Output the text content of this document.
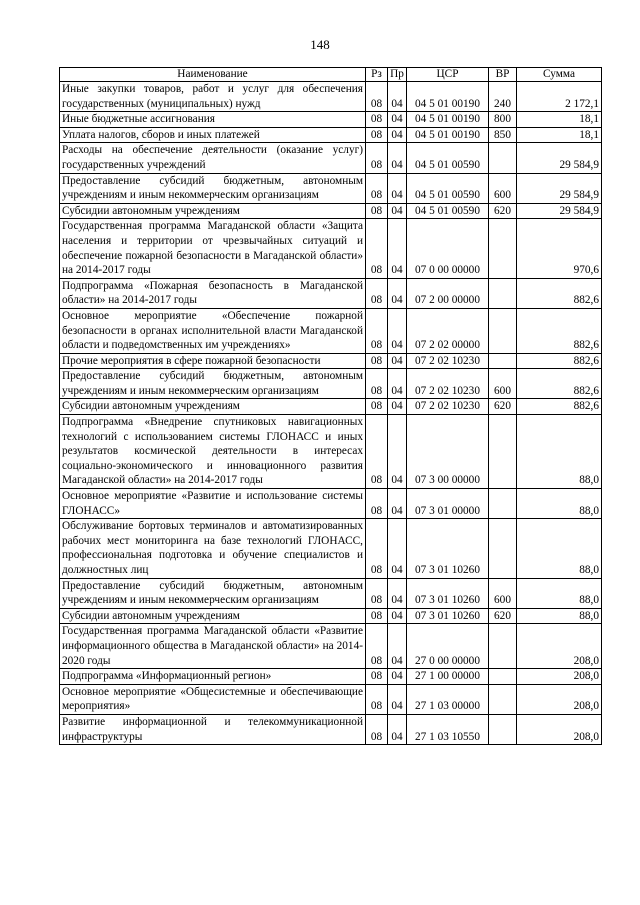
148
Наименование	Рз	Пр	ЦСР	ВР	Сумма
Иные закупки товаров, работ и услуг для обеспечения государственных (муниципальных) нужд	08	04	04 5 01 00190	240	2 172,1
Иные бюджетные ассигнования	08	04	04 5 01 00190	800	18,1
Уплата налогов, сборов и иных платежей	08	04	04 5 01 00190	850	18,1
Расходы на обеспечение деятельности (оказание услуг) государственных учреждений	08	04	04 5 01 00590		29 584,9
Предоставление субсидий бюджетным, автономным учреждениям и иным некоммерческим организациям	08	04	04 5 01 00590	600	29 584,9
Субсидии автономным учреждениям	08	04	04 5 01 00590	620	29 584,9
Государственная программа Магаданской области «Защита населения и территории от чрезвычайных ситуаций и обеспечение пожарной безопасности в Магаданской области» на 2014-2017 годы	08	04	07 0 00 00000		970,6
Подпрограмма «Пожарная безопасность в Магаданской области» на 2014-2017 годы	08	04	07 2 00 00000		882,6
Основное мероприятие «Обеспечение пожарной безопасности в органах исполнительной власти Магаданской области и подведомственных им учреждениях»	08	04	07 2 02 00000		882,6
Прочие мероприятия в сфере пожарной безопасности	08	04	07 2 02 10230		882,6
Предоставление субсидий бюджетным, автономным учреждениям и иным некоммерческим организациям	08	04	07 2 02 10230	600	882,6
Субсидии автономным учреждениям	08	04	07 2 02 10230	620	882,6
Подпрограмма «Внедрение спутниковых навигационных технологий с использованием системы ГЛОНАСС и иных результатов космической деятельности в интересах социально-экономического и инновационного развития Магаданской области» на 2014-2017 годы	08	04	07 3 00 00000		88,0
Основное мероприятие «Развитие и использование системы ГЛОНАСС»	08	04	07 3 01 00000		88,0
Обслуживание бортовых терминалов и автоматизированных рабочих мест мониторинга на базе технологий ГЛОНАСС, профессиональная подготовка и обучение специалистов и должностных лиц	08	04	07 3 01 10260		88,0
Предоставление субсидий бюджетным, автономным учреждениям и иным некоммерческим организациям	08	04	07 3 01 10260	600	88,0
Субсидии автономным учреждениям	08	04	07 3 01 10260	620	88,0
Государственная программа Магаданской области «Развитие информационного общества в Магаданской области» на 2014-2020 годы	08	04	27 0 00 00000		208,0
Подпрограмма «Информационный регион»	08	04	27 1 00 00000		208,0
Основное мероприятие «Общесистемные и обеспечивающие мероприятия»	08	04	27 1 03 00000		208,0
Развитие информационной и телекоммуникационной инфраструктуры	08	04	27 1 03 10550		208,0
